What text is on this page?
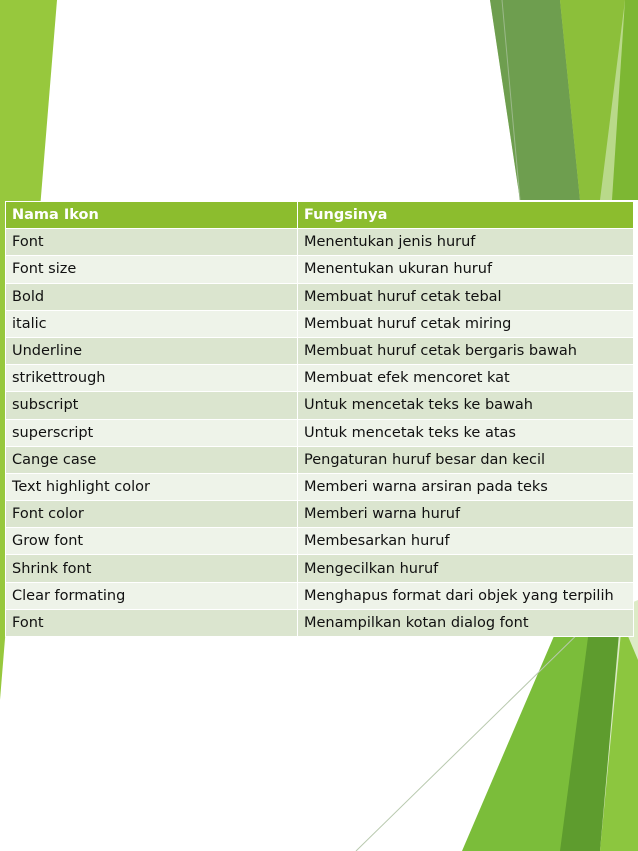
Nama Ikon	Fungsinya
Font	Menentukan jenis huruf
Font size	Menentukan ukuran huruf
Bold	Membuat huruf cetak tebal
italic	Membuat huruf cetak miring
Underline	Membuat huruf cetak bergaris bawah
strikettrough	Membuat efek mencoret kat
subscript	Untuk mencetak teks ke bawah
superscript	Untuk mencetak teks ke atas
Cange case	Pengaturan huruf besar dan kecil
Text highlight color	Memberi warna arsiran pada teks
Font color	Memberi warna huruf
Grow font	Membesarkan huruf
Shrink font	Mengecilkan huruf
Clear formating	Menghapus format dari objek yang terpilih
Font	Menampilkan kotan dialog font
